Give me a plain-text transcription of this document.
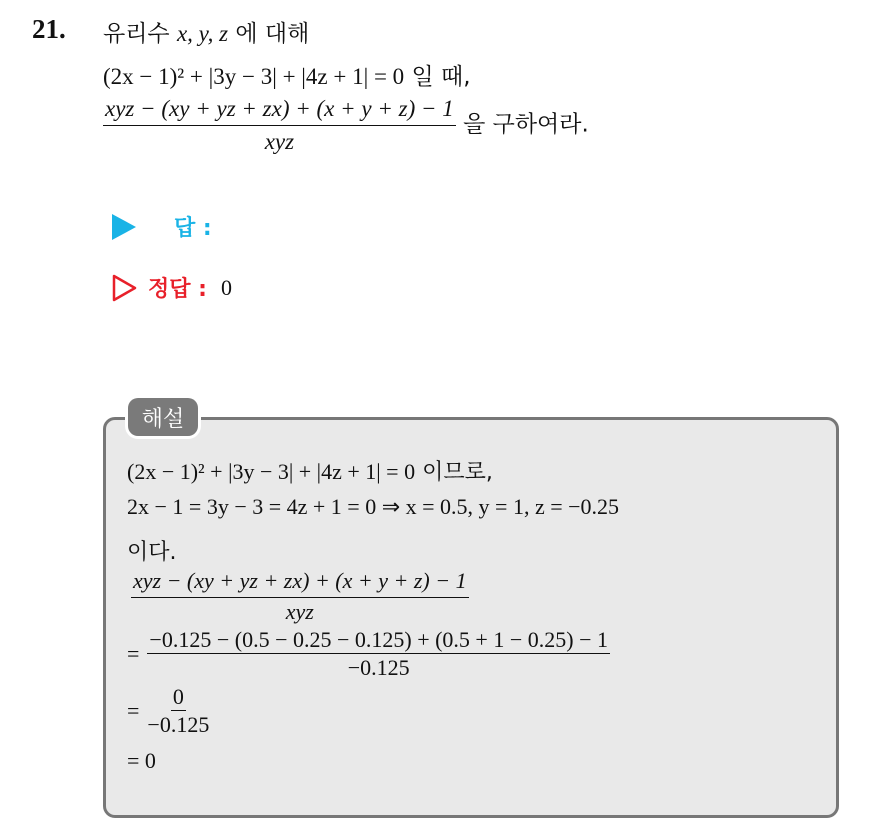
21. 유리수 x, y, z 에 대해
(2x − 1)² + |3y − 3| + |4z + 1| = 0 일 때,
$\frac{\text{xyz − (xy + yz + zx) + (x + y + z) − 1}}{\text{xyz}}$ 을 구하여라.
답 :
정답 : 0
해설
(2x − 1)² + |3y − 3| + |4z + 1| = 0 이므로,
2x − 1 = 3y − 3 = 4z + 1 = 0 ⇒ x = 0.5, y = 1, z = −0.25
이다.
$\frac{\text{xyz − (xy + yz + zx) + (x + y + z) − 1}}{\text{xyz}}$
= $\frac{-0.125 - (0.5 - 0.25 - 0.125) + (0.5 + 1 - 0.25) - 1}{-0.125}$
= $\frac{0}{-0.125}$
= 0
